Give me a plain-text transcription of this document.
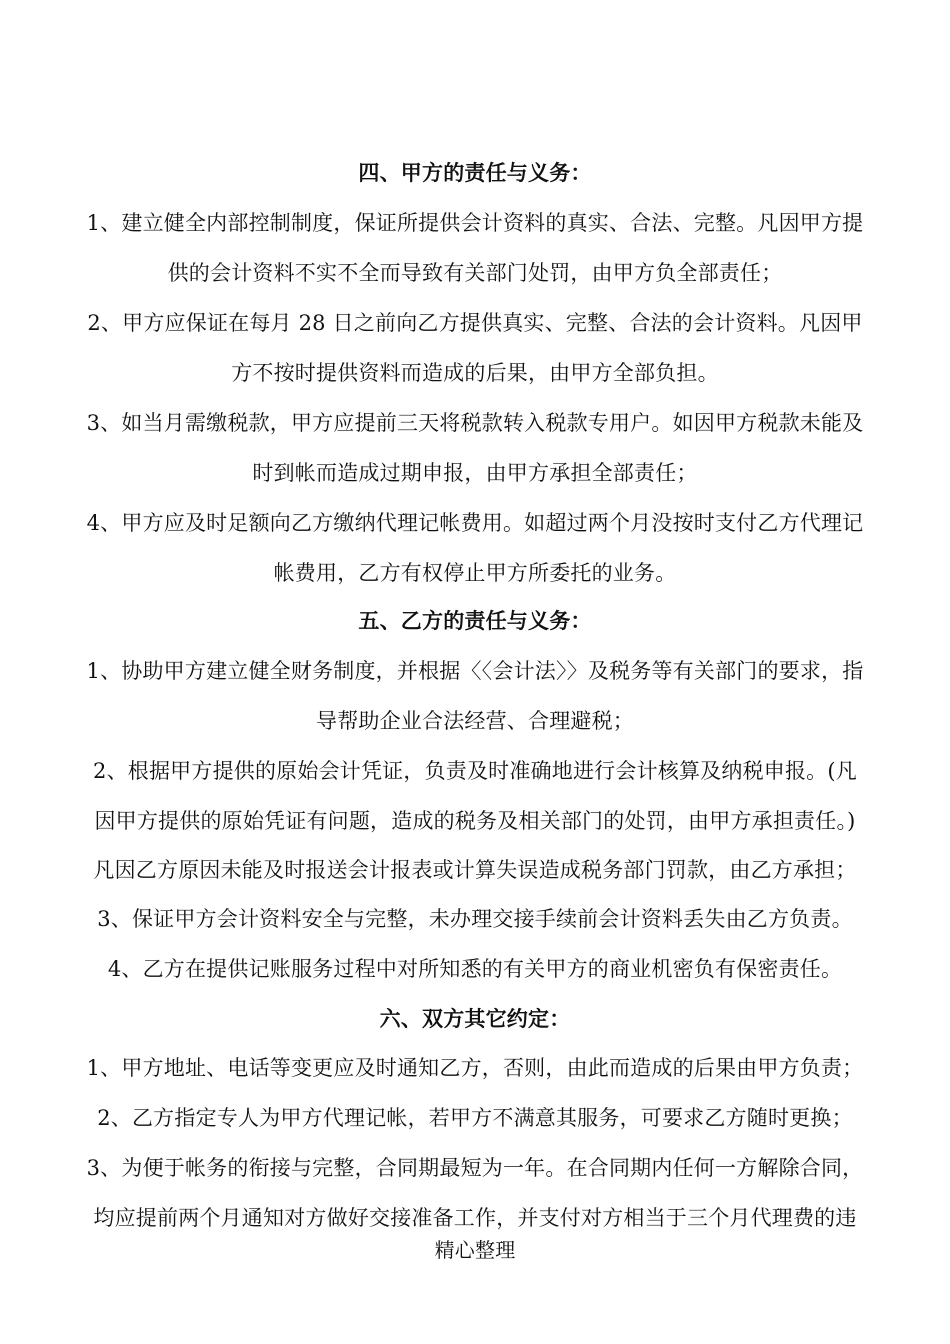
四、甲方的责任与义务：
1、建立健全内部控制制度，保证所提供会计资料的真实、合法、完整。凡因甲方提
供的会计资料不实不全而导致有关部门处罚，由甲方负全部责任；
2、甲方应保证在每月 28 日之前向乙方提供真实、完整、合法的会计资料。凡因甲
方不按时提供资料而造成的后果，由甲方全部负担。
3、如当月需缴税款，甲方应提前三天将税款转入税款专用户。如因甲方税款未能及
时到帐而造成过期申报，由甲方承担全部责任；
4、甲方应及时足额向乙方缴纳代理记帐费用。如超过两个月没按时支付乙方代理记
帐费用，乙方有权停止甲方所委托的业务。
五、乙方的责任与义务：
1、协助甲方建立健全财务制度，并根据〈〈会计法〉〉及税务等有关部门的要求，指
导帮助企业合法经营、合理避税；
2、根据甲方提供的原始会计凭证，负责及时准确地进行会计核算及纳税申报。(凡
因甲方提供的原始凭证有问题，造成的税务及相关部门的处罚，由甲方承担责任。)
凡因乙方原因未能及时报送会计报表或计算失误造成税务部门罚款，由乙方承担；
3、保证甲方会计资料安全与完整，未办理交接手续前会计资料丢失由乙方负责。
4、乙方在提供记账服务过程中对所知悉的有关甲方的商业机密负有保密责任。
六、双方其它约定：
1、甲方地址、电话等变更应及时通知乙方，否则，由此而造成的后果由甲方负责；
2、乙方指定专人为甲方代理记帐，若甲方不满意其服务，可要求乙方随时更换；
3、为便于帐务的衔接与完整，合同期最短为一年。在合同期内任何一方解除合同，
均应提前两个月通知对方做好交接准备工作，并支付对方相当于三个月代理费的违
精心整理
